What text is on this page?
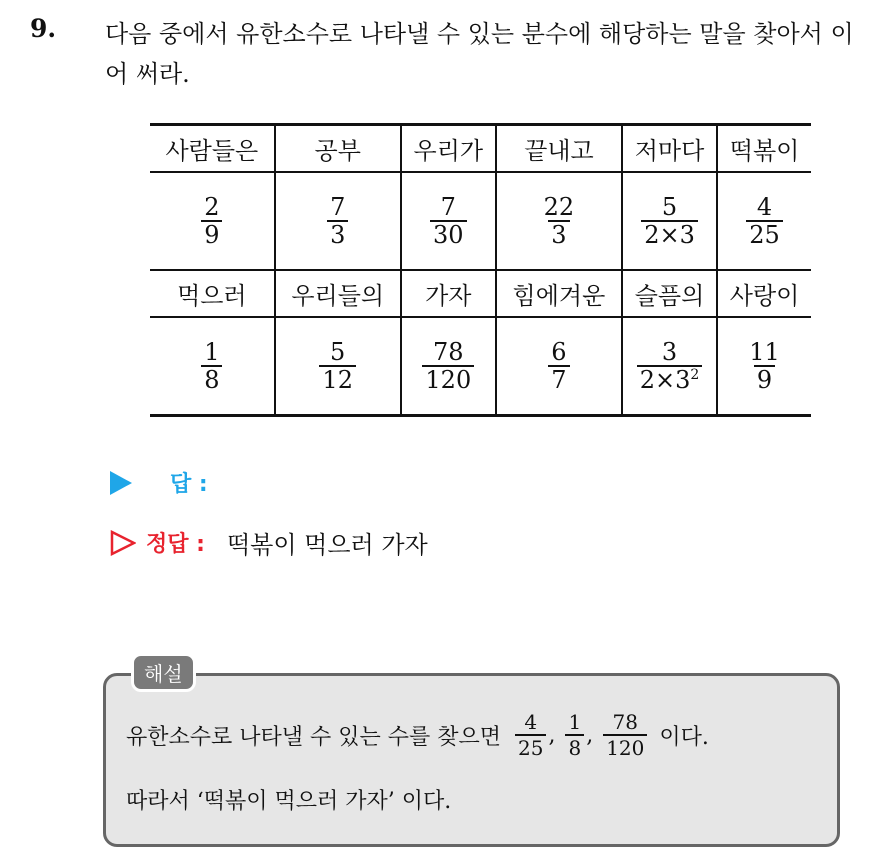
9. 다음 중에서 유한소수로 나타낼 수 있는 분수에 해당하는 말을 찾아서 이어 써라.
사람들은	공부	우리가	끝내고	저마다	떡볶이

$\frac{2}{9}$	$\frac{7}{3}$	$\frac{7}{30}$	$\frac{22}{3}$	$\frac{5}{2\times 3}$	$\frac{4}{25}$

먹으러	우리들의	가자	힘에겨운	슬픔의	사랑이

$\frac{1}{8}$	$\frac{5}{12}$	$\frac{78}{120}$	$\frac{6}{7}$	$\frac{3}{2\times 3^2}$	$\frac{11}{9}$
답 :
정답 : 떡볶이 먹으러 가자
해설
유한소수로 나타낼 수 있는 수를 찾으면 $\frac{4}{25}$ , $\frac{1}{8}$ , $\frac{78}{120}$ 이다.
따라서 ‘떡볶이 먹으러 가자’ 이다.
